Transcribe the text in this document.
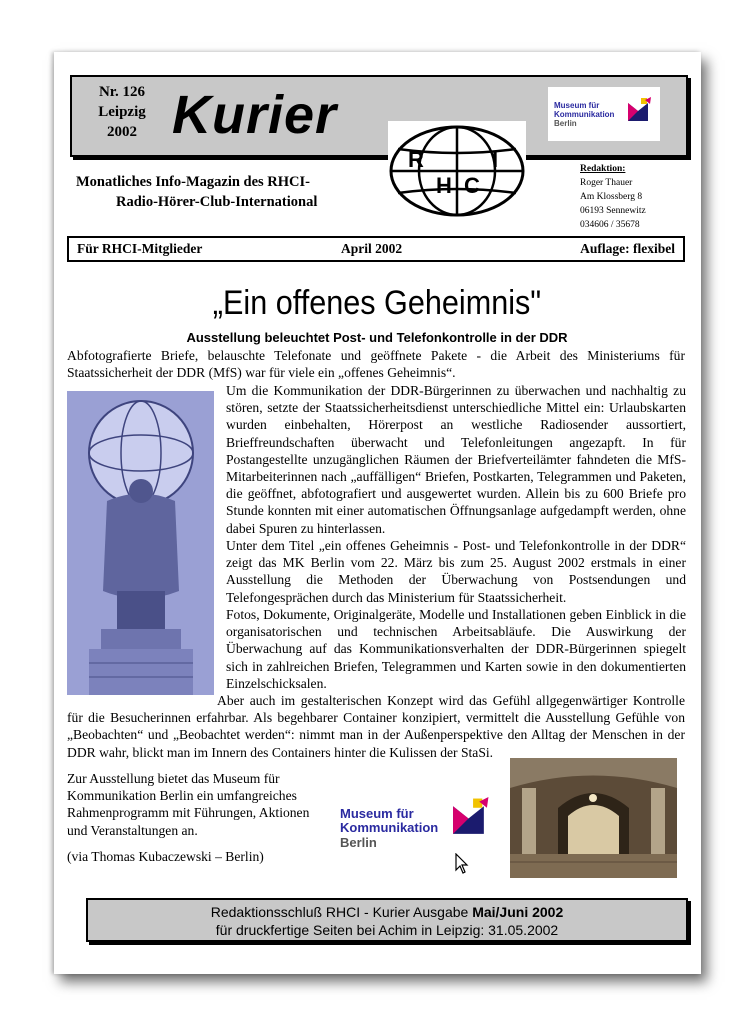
Nr. 126
Leipzig
2002 Kurier	Museum für
Kommunikation
Berlin
R
H C
I
Monatliches Info-Magazin des RHCI-
Radio-Hörer-Club-International
Redaktion:
Roger Thauer
Am Klossberg 8
06193 Sennewitz
034606 / 35678
Für RHCI-Mitglieder	April 2002	Auflage: flexibel
„Ein offenes Geheimnis"
Ausstellung beleuchtet Post- und Telefonkontrolle in der DDR
Abfotografierte Briefe, belauschte Telefonate und geöffnete Pakete - die Arbeit des Ministeriums für Staatssicherheit der DDR (MfS) war für viele ein „offenes Geheimnis“.
Um die Kommunikation der DDR-Bürgerinnen zu überwachen und nachhaltig zu stören, setzte der Staatssicherheitsdienst unterschiedliche Mittel ein: Urlaubskarten wurden einbehalten, Hörerpost an westliche Radiosender aussortiert, Brieffreundschaften überwacht und Telefonleitungen angezapft. In für Postangestellte unzugänglichen Räumen der Briefverteilämter fahndeten die MfS-Mitarbeiterinnen nach „auffälligen“ Briefen, Postkarten, Telegrammen und Paketen, die geöffnet, abfotografiert und ausgewertet wurden. Allein bis zu 600 Briefe pro Stunde konnten mit einer automatischen Öffnungsanlage aufgedampft werden, ohne dabei Spuren zu hinterlassen.
Unter dem Titel „ein offenes Geheimnis - Post- und Telefonkontrolle in der DDR“ zeigt das MK Berlin vom 22. März bis zum 25. August 2002 erstmals in einer Ausstellung die Methoden der Überwachung von Postsendungen und Telefongesprächen durch das Ministerium für Staatssicherheit.
Fotos, Dokumente, Originalgeräte, Modelle und Installationen geben Einblick in die organisatorischen und technischen Arbeitsabläufe. Die Auswirkung der Überwachung auf das Kommunikationsverhalten der DDR-Bürgerinnen spiegelt sich in zahlreichen Briefen, Telegrammen und Karten sowie in den dokumentierten Einzelschicksalen.
Aber auch im gestalterischen Konzept wird das Gefühl allgegenwärtiger Kontrolle für die Besucherinnen erfahrbar. Als begehbarer Container konzipiert, vermittelt die Ausstellung Gefühle von „Beobachten“ und „Beobachtet werden“: nimmt man in der Außenperspektive den Alltag der Menschen in der DDR wahr, blickt man im Innern des Containers hinter die Kulissen der StaSi.
Zur Ausstellung bietet das Museum für Kommunikation Berlin ein umfangreiches Rahmenprogramm mit Führungen, Aktionen und Veranstaltungen an.
(via Thomas Kubaczewski – Berlin)
Museum für
Kommunikation
Berlin
Redaktionsschluß RHCI - Kurier Ausgabe Mai/Juni 2002
für druckfertige Seiten bei Achim in Leipzig: 31.05.2002
